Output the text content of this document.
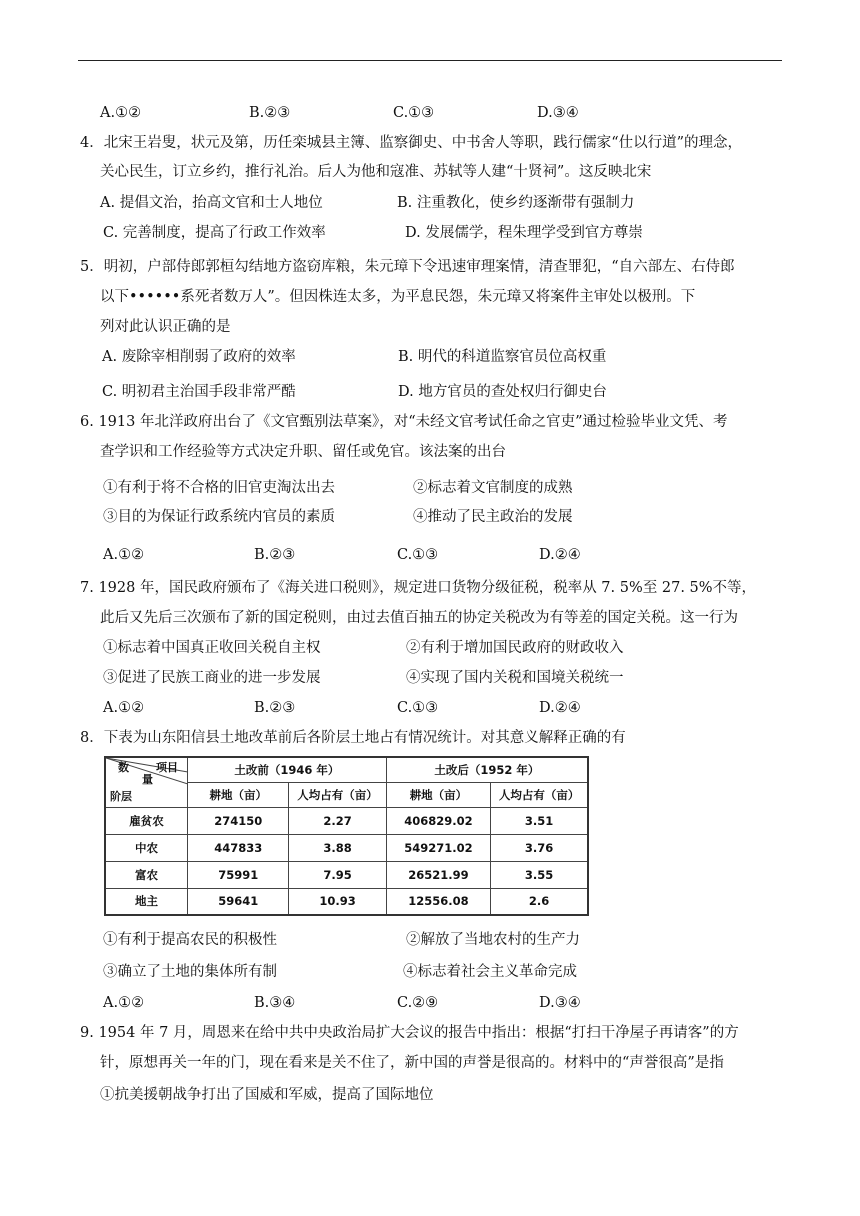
A.①②	B.②③	C.①③	D.③④
4．北宋王岩叟，状元及第，历任栾城县主簿、监察御史、中书舍人等职，践行儒家“仕以行道”的理念，
关心民生，订立乡约，推行礼治。后人为他和寇准、苏轼等人建“十贤祠”。这反映北宋
A. 提倡文治，抬高文官和士人地位	B. 注重教化，使乡约逐渐带有强制力
C. 完善制度，提高了行政工作效率	D. 发展儒学，程朱理学受到官方尊崇
5．明初，户部侍郎郭桓勾结地方盗窃库粮，朱元璋下令迅速审理案情，清查罪犯，“自六部左、右侍郎
以下••••••系死者数万人”。但因株连太多，为平息民怨，朱元璋又将案件主审处以极刑。下
列对此认识正确的是
A. 废除宰相削弱了政府的效率	B. 明代的科道监察官员位高权重
C. 明初君主治国手段非常严酷	D. 地方官员的查处权归行御史台
6. 1913 年北洋政府出台了《文官甄别法草案》，对“未经文官考试任命之官吏”通过检验毕业文凭、考
查学识和工作经验等方式决定升职、留任或免官。该法案的出台
①有利于将不合格的旧官吏淘汰出去	②标志着文官制度的成熟
③目的为保证行政系统内官员的素质	④推动了民主政治的发展
A.①②	B.②③	C.①③	D.②④
7. 1928 年，国民政府颁布了《海关进口税则》，规定进口货物分级征税，税率从 7. 5%至 27. 5%不等，
此后又先后三次颁布了新的国定税则，由过去值百抽五的协定关税改为有等差的国定关税。这一行为
①标志着中国真正收回关税自主权	②有利于增加国民政府的财政收入
③促进了民族工商业的进一步发展	④实现了国内关税和国境关税统一
A.①②	B.②③	C.①③	D.②④
8．下表为山东阳信县土地改革前后各阶层土地占有情况统计。对其意义解释正确的有
数 项目
量
阶层	土改前（1946 年）		土改后（1952 年）	
	耕地（亩）	人均占有（亩）	耕地（亩）	人均占有（亩）
雇贫农	274150	2.27	406829.02	3.51
中农	447833	3.88	549271.02	3.76
富农	75991	7.95	26521.99	3.55
地主	59641	10.93	12556.08	2.6
①有利于提高农民的积极性	②解放了当地农村的生产力
③确立了土地的集体所有制	④标志着社会主义革命完成
A.①②	B.③④	C.②⑨	D.③④
9. 1954 年 7 月，周恩来在给中共中央政治局扩大会议的报告中指出：根据“打扫干净屋子再请客”的方
针，原想再关一年的门，现在看来是关不住了，新中国的声誉是很高的。材料中的“声誉很高”是指
①抗美援朝战争打出了国威和军威，提高了国际地位
